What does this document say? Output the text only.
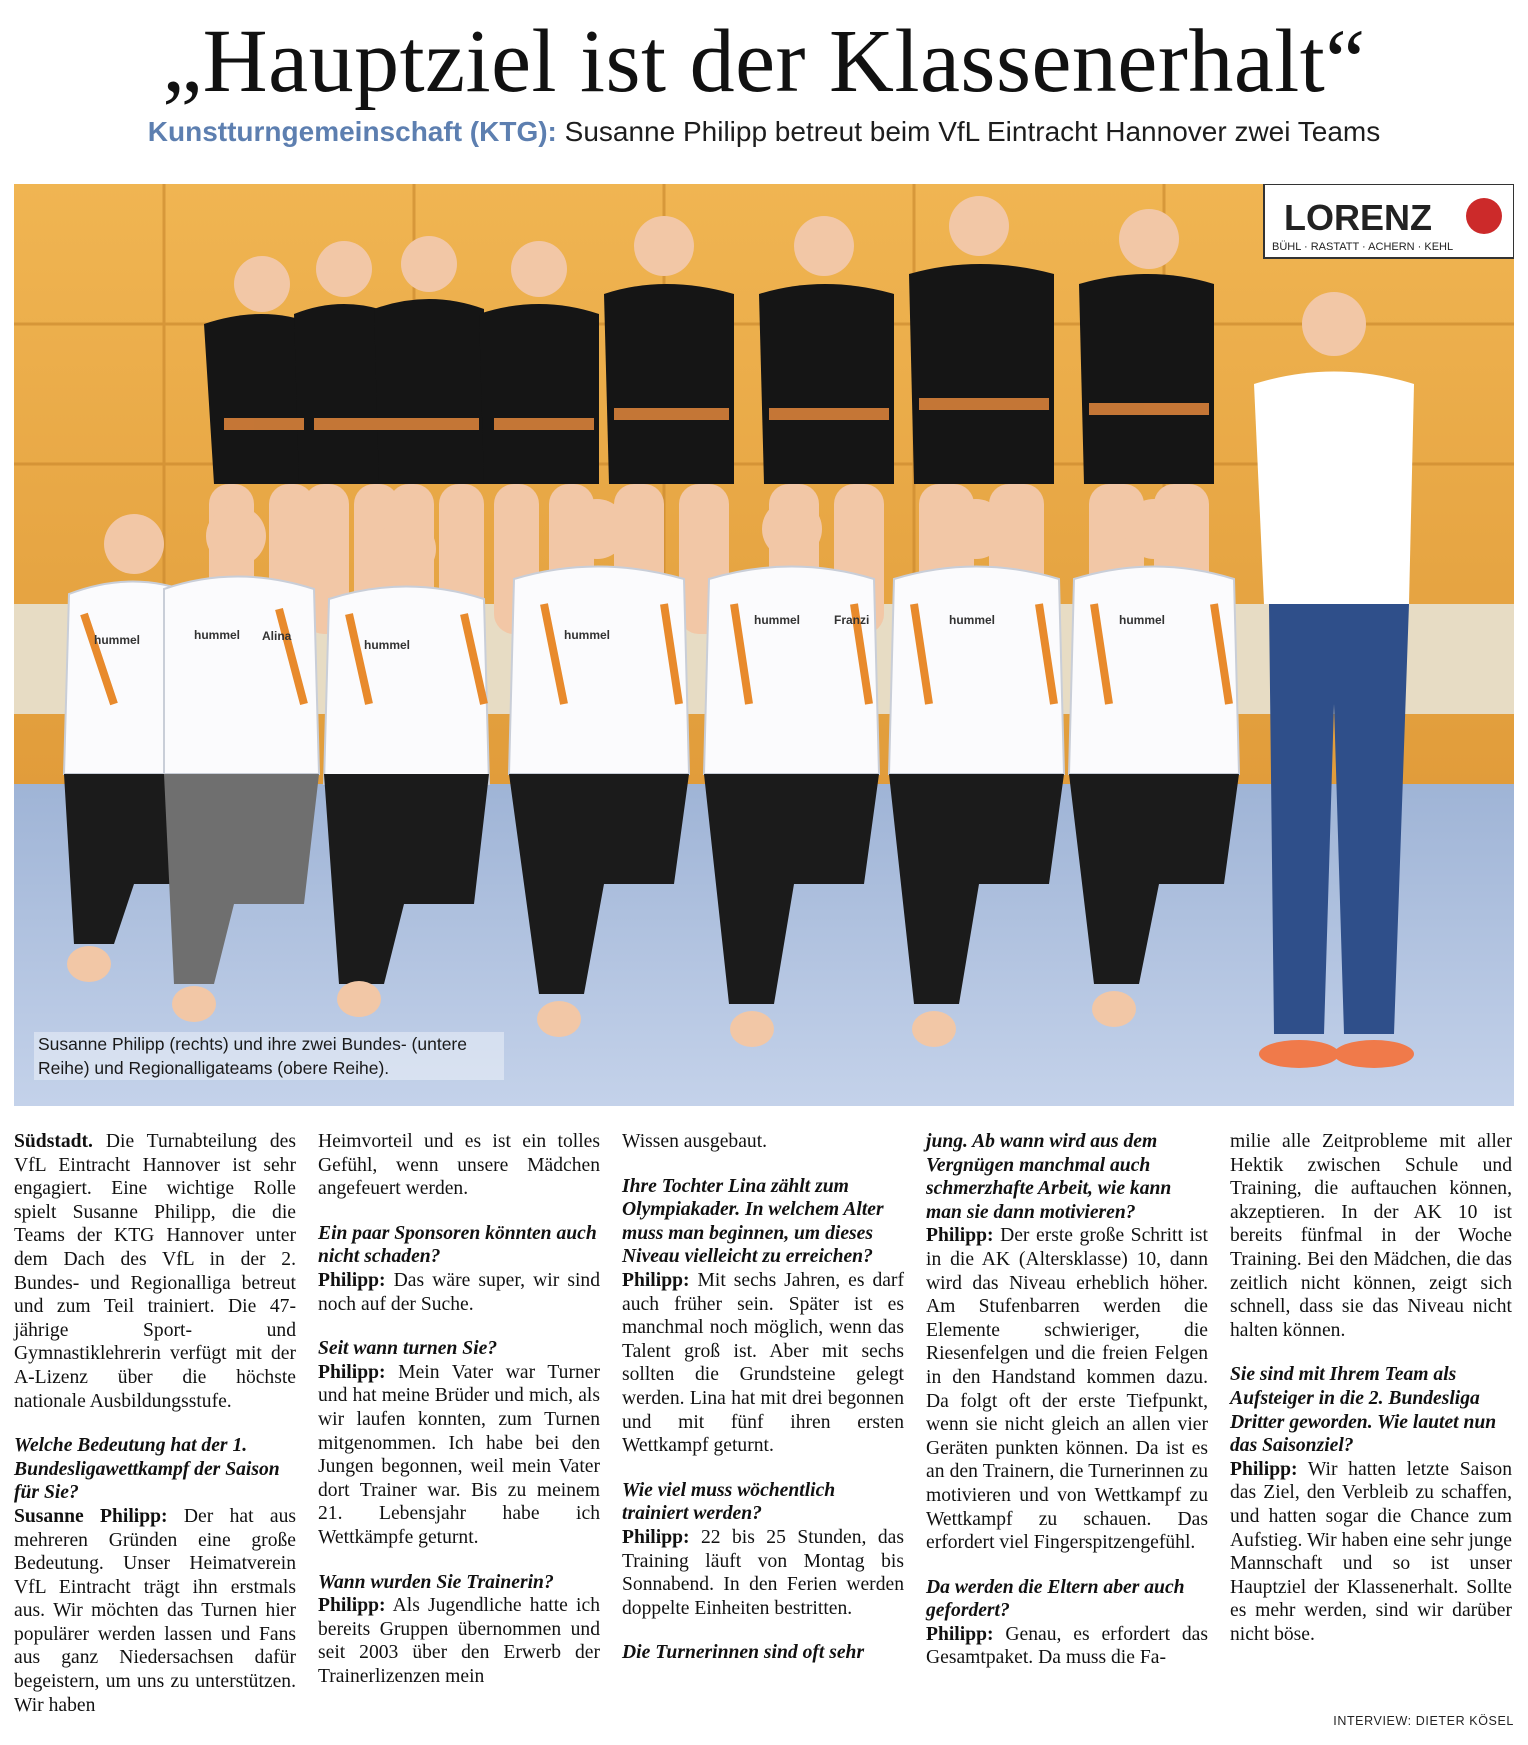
„Hauptziel ist der Klassenerhalt“
Kunstturngemeinschaft (KTG): Susanne Philipp betreut beim VfL Eintracht Hannover zwei Teams
LORENZ
BÜHL · RASTATT · ACHERN · KEHL
hummel	hummel Alina
hummel
hummel
hummel	Franzi	hummel	hummel
Susanne Philipp (rechts) und ihre zwei Bundes- (untere Reihe) und Regionalligateams (obere Reihe).

Südstadt. Die Turnabteilung des VfL Eintracht Hannover ist sehr engagiert. Eine wichtige Rolle spielt Susanne Philipp, die die Teams der KTG Hannover unter dem Dach des VfL in der 2. Bundes- und Regionalliga betreut und zum Teil trainiert. Die 47-jährige Sport- und Gymnastiklehrerin verfügt mit der A-Lizenz über die höchste nationale Ausbildungsstufe.

Welche Bedeutung hat der 1. Bundesligawettkampf der Saison für Sie?

Susanne Philipp: Der hat aus mehreren Gründen eine große Bedeutung. Unser Heimatverein VfL Eintracht trägt ihn erstmals aus. Wir möchten das Turnen hier populärer werden lassen und Fans aus ganz Niedersachsen dafür begeistern, um uns zu unterstützen. Wir haben

Heimvorteil und es ist ein tolles Gefühl, wenn unsere Mädchen angefeuert werden.

Ein paar Sponsoren könnten auch nicht schaden?

Philipp: Das wäre super, wir sind noch auf der Suche.

Seit wann turnen Sie?

Philipp: Mein Vater war Turner und hat meine Brüder und mich, als wir laufen konnten, zum Turnen mitgenommen. Ich habe bei den Jungen begonnen, weil mein Vater dort Trainer war. Bis zu meinem 21. Lebensjahr habe ich Wettkämpfe geturnt.

Wann wurden Sie Trainerin?

Philipp: Als Jugendliche hatte ich bereits Gruppen übernommen und seit 2003 über den Erwerb der Trainerlizenzen mein

Wissen ausgebaut.

Ihre Tochter Lina zählt zum Olympiakader. In welchem Alter muss man beginnen, um dieses Niveau vielleicht zu erreichen?

Philipp: Mit sechs Jahren, es darf auch früher sein. Später ist es manchmal noch möglich, wenn das Talent groß ist. Aber mit sechs sollten die Grundsteine gelegt werden. Lina hat mit drei begonnen und mit fünf ihren ersten Wettkampf geturnt.

Wie viel muss wöchentlich trainiert werden?

Philipp: 22 bis 25 Stunden, das Training läuft von Montag bis Sonnabend. In den Ferien werden doppelte Einheiten bestritten.

Die Turnerinnen sind oft sehr

jung. Ab wann wird aus dem Vergnügen manchmal auch schmerzhafte Arbeit, wie kann man sie dann motivieren?

Philipp: Der erste große Schritt ist in die AK (Altersklasse) 10, dann wird das Niveau erheblich höher. Am Stufenbarren werden die Elemente schwieriger, die Riesenfelgen und die freien Felgen in den Handstand kommen dazu. Da folgt oft der erste Tiefpunkt, wenn sie nicht gleich an allen vier Geräten punkten können. Da ist es an den Trainern, die Turnerinnen zu motivieren und von Wettkampf zu Wettkampf zu schauen. Das erfordert viel Fingerspitzengefühl.

Da werden die Eltern aber auch gefordert?

Philipp: Genau, es erfordert das Gesamtpaket. Da muss die Fa-

milie alle Zeitprobleme mit aller Hektik zwischen Schule und Training, die auftauchen können, akzeptieren. In der AK 10 ist bereits fünfmal in der Woche Training. Bei den Mädchen, die das zeitlich nicht können, zeigt sich schnell, dass sie das Niveau nicht halten können.

Sie sind mit Ihrem Team als Aufsteiger in die 2. Bundesliga Dritter geworden. Wie lautet nun das Saisonziel?

Philipp: Wir hatten letzte Saison das Ziel, den Verbleib zu schaffen, und hatten sogar die Chance zum Aufstieg. Wir haben eine sehr junge Mannschaft und so ist unser Hauptziel der Klassenerhalt. Sollte es mehr werden, sind wir darüber nicht böse.

INTERVIEW: DIETER KÖSEL
